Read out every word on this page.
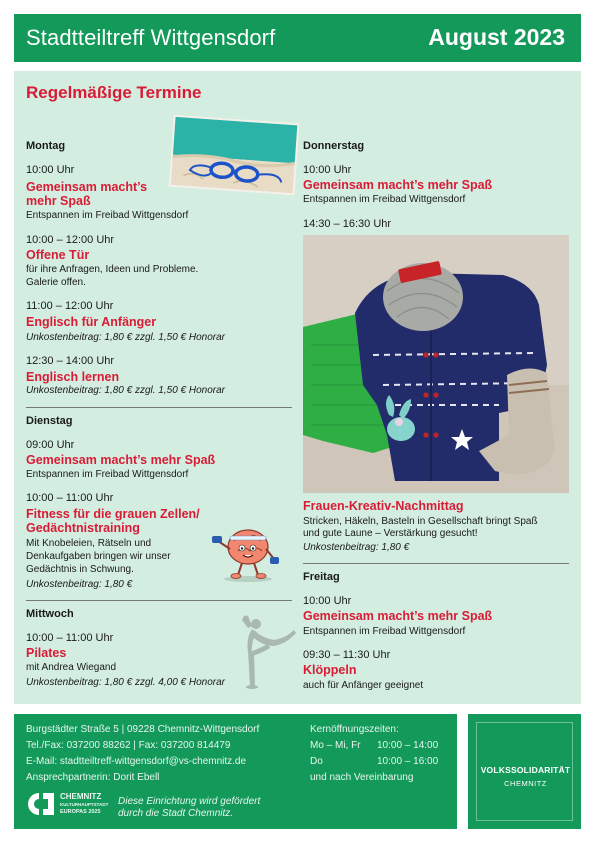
Stadtteiltreff Wittgensdorf	August 2023
Regelmäßige Termine
Montag
10:00 Uhr
Gemeinsam macht’s
mehr Spaß
Entspannen im Freibad Wittgensdorf
10:00 – 12:00 Uhr
Offene Tür
für ihre Anfragen, Ideen und Probleme.
Galerie offen.
11:00 – 12:00 Uhr
Englisch für Anfänger
Unkostenbeitrag: 1,80 € zzgl. 1,50 € Honorar
12:30 – 14:00 Uhr
Englisch lernen
Unkostenbeitrag: 1,80 € zzgl. 1,50 € Honorar
Dienstag
09:00 Uhr
Gemeinsam macht’s mehr Spaß
Entspannen im Freibad Wittgensdorf
10:00 – 11:00 Uhr
Fitness für die grauen Zellen/
Gedächtnistraining
Mit Knobeleien, Rätseln und
Denkaufgaben bringen wir unser
Gedächtnis in Schwung.
Unkostenbeitrag: 1,80 €
Mittwoch
10:00 – 11:00 Uhr
Pilates
mit Andrea Wiegand
Unkostenbeitrag: 1,80 € zzgl. 4,00 € Honorar
Donnerstag
10:00 Uhr
Gemeinsam macht’s mehr Spaß
Entspannen im Freibad Wittgensdorf
14:30 – 16:30 Uhr
Frauen-Kreativ-Nachmittag
Stricken, Häkeln, Basteln in Gesellschaft bringt Spaß
und gute Laune – Verstärkung gesucht!
Unkostenbeitrag: 1,80 €
Freitag
10:00 Uhr
Gemeinsam macht’s mehr Spaß
Entspannen im Freibad Wittgensdorf
09:30 – 11:30 Uhr
Klöppeln
auch für Anfänger geeignet
Burgstädter Straße 5 | 09228 Chemnitz-Wittgensdorf
Tel./Fax: 037200 88262 | Fax: 037200 814479
E-Mail: stadtteiltreff-wittgensdorf@vs-chemnitz.de
Ansprechpartnerin: Dorit Ebell
Kernöffnungszeiten:
Mo – Mi, Fr 10:00 – 14:00
Do	10:00 – 16:00
und nach Vereinbarung
CHEMNITZ
KULTURHAUPTSTADT
EUROPAS 2025
Diese Einrichtung wird gefördert
durch die Stadt Chemnitz.
VOLKSSOLIDARITÄT
CHEMNITZ
